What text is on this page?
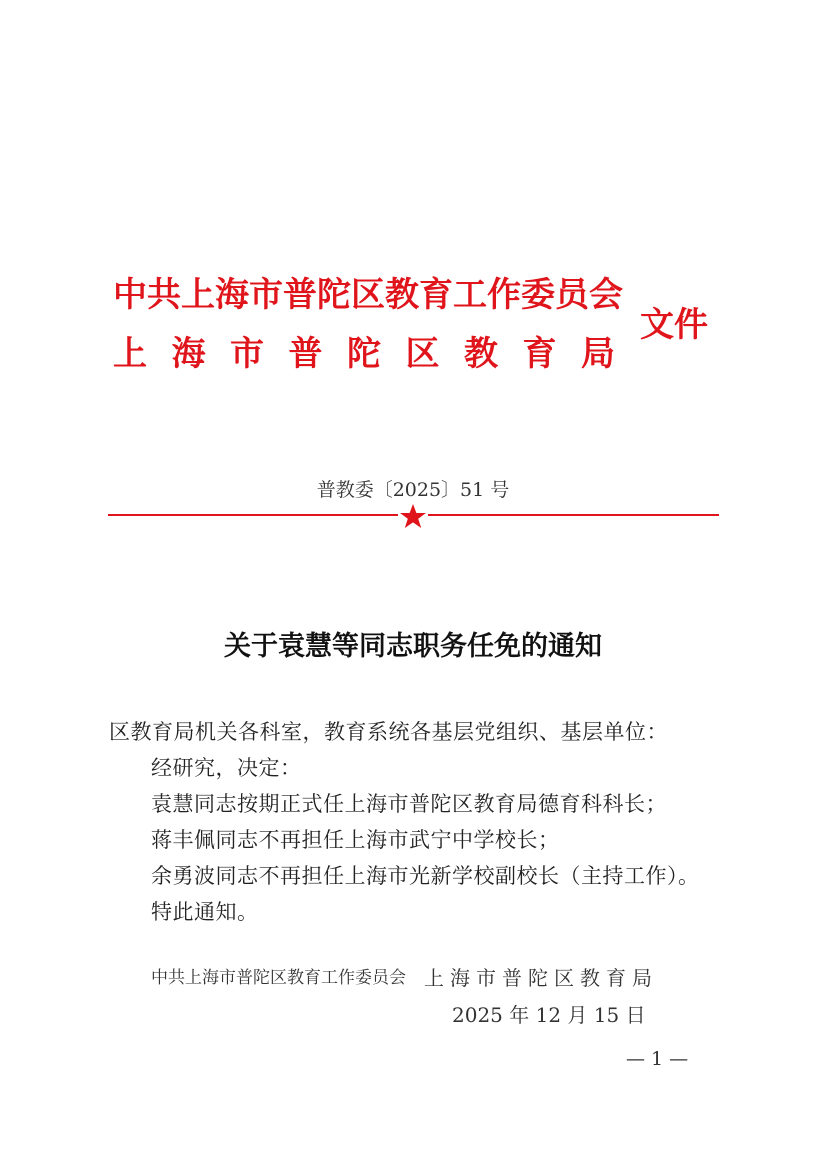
中共上海市普陀区教育工作委员会
上海市普陀区教育局
文件
普教委〔2025〕51 号
关于袁慧等同志职务任免的通知
区教育局机关各科室，教育系统各基层党组织、基层单位：
经研究，决定：
袁慧同志按期正式任上海市普陀区教育局德育科科长；
蒋丰佩同志不再担任上海市武宁中学校长；
余勇波同志不再担任上海市光新学校副校长（主持工作）。
特此通知。
中共上海市普陀区教育工作委员会 上海市普陀区教育局
2025 年 12 月 15 日
— 1 —
